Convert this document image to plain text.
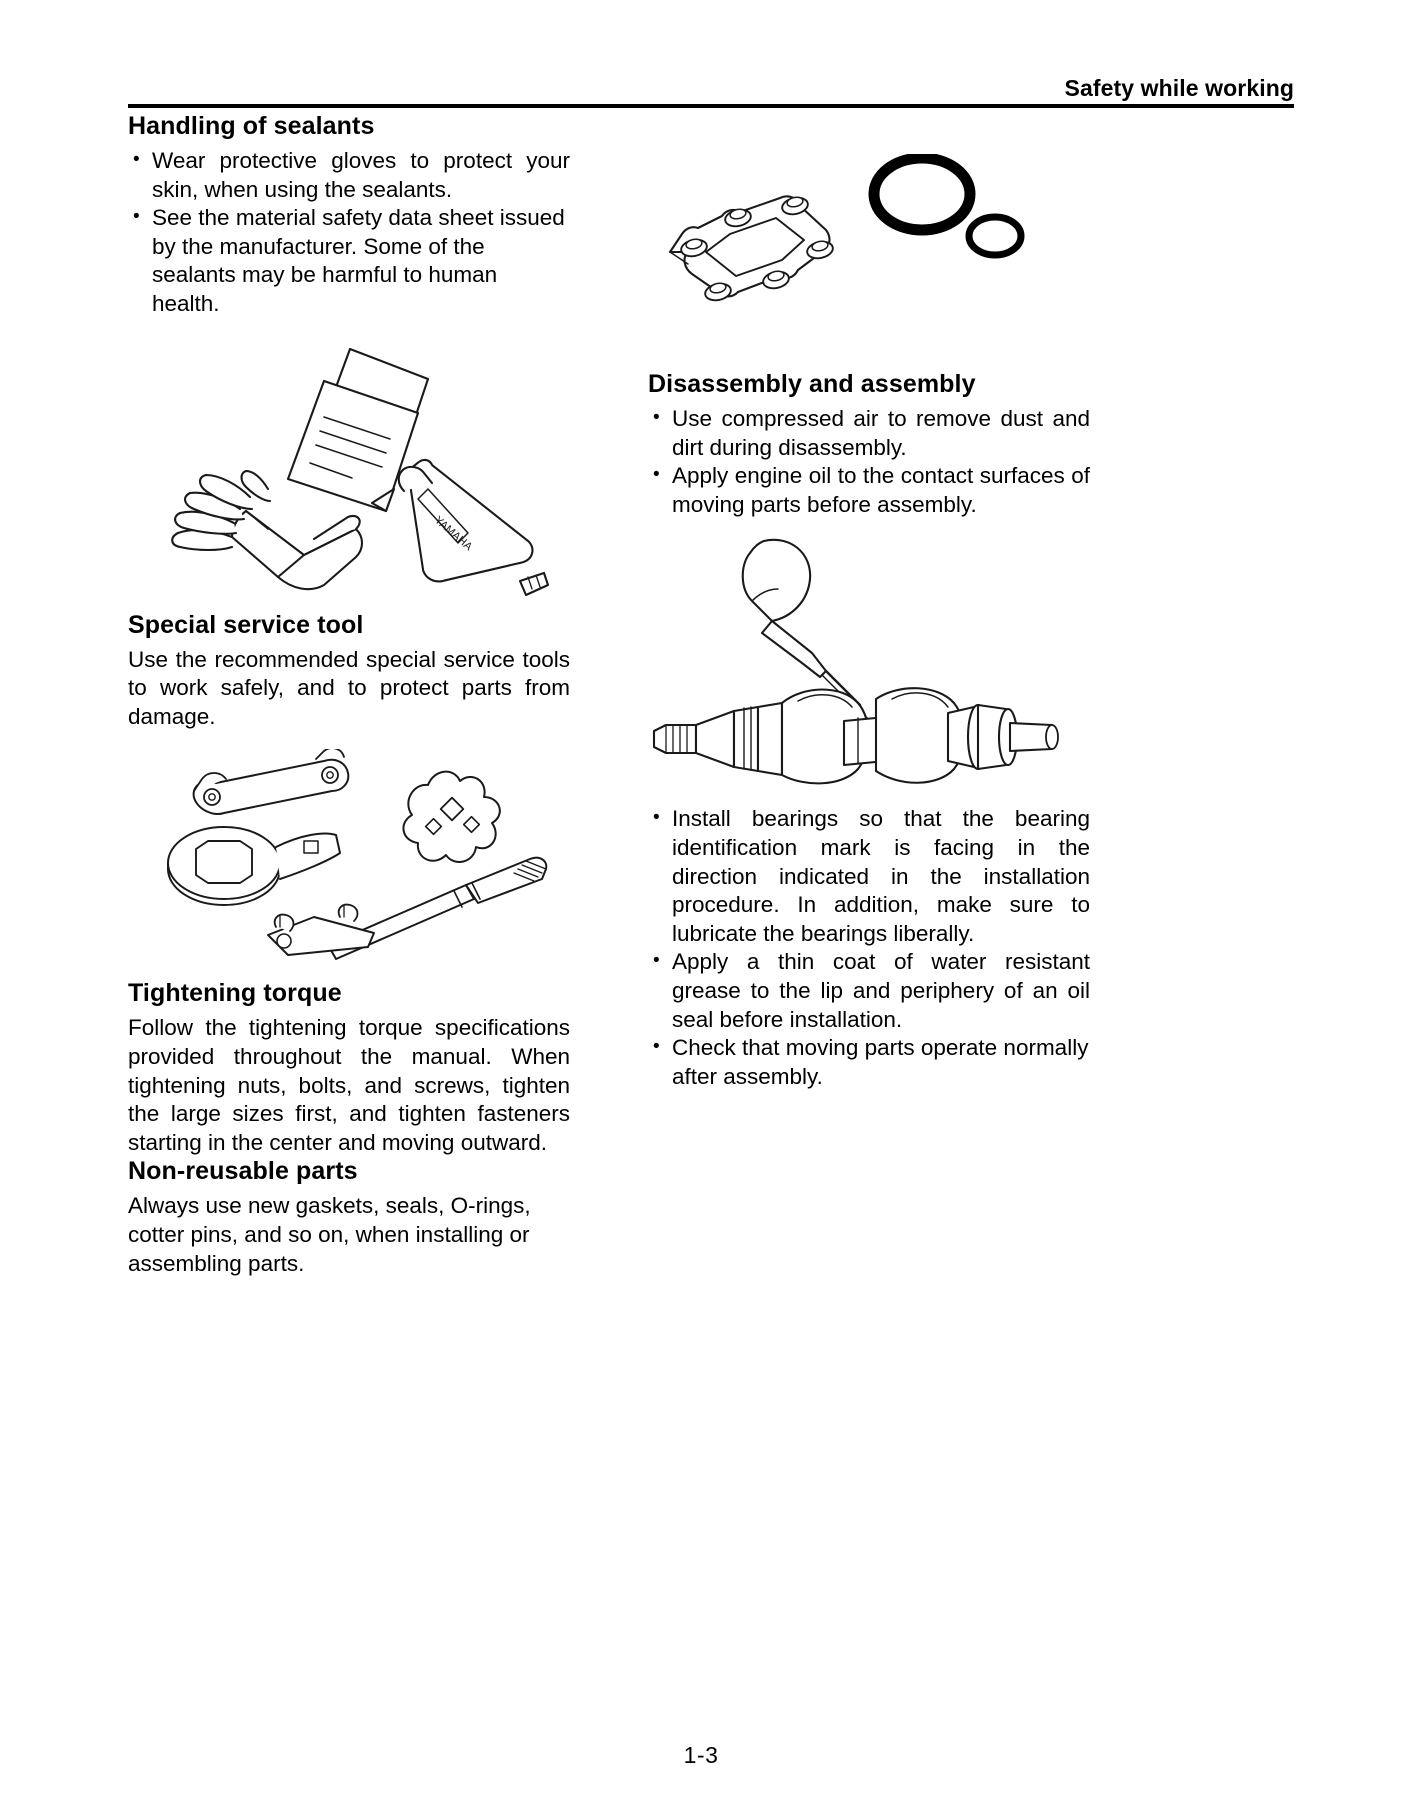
Safety while working
Handling of sealants
• Wear protective gloves to protect your skin, when using the sealants.
• See the material safety data sheet issued by the manufacturer. Some of the sealants may be harmful to human health.
YAMAHA
Special service tool

Use the recommended special service tools to work safely, and to protect parts from damage.

Tightening torque

Follow the tightening torque specifications provided throughout the manual. When tightening nuts, bolts, and screws, tighten the large sizes first, and tighten fasteners starting in the center and moving outward.

Non-reusable parts

Always use new gaskets, seals, O-rings, cotter pins, and so on, when installing or assembling parts.

Disassembly and assembly
• Use compressed air to remove dust and dirt during disassembly.
• Apply engine oil to the contact surfaces of moving parts before assembly.
• Install bearings so that the bearing identification mark is facing in the direction indicated in the installation procedure. In addition, make sure to lubricate the bearings liberally.
• Apply a thin coat of water resistant grease to the lip and periphery of an oil seal before installation.
• Check that moving parts operate normally after assembly.
1-3
